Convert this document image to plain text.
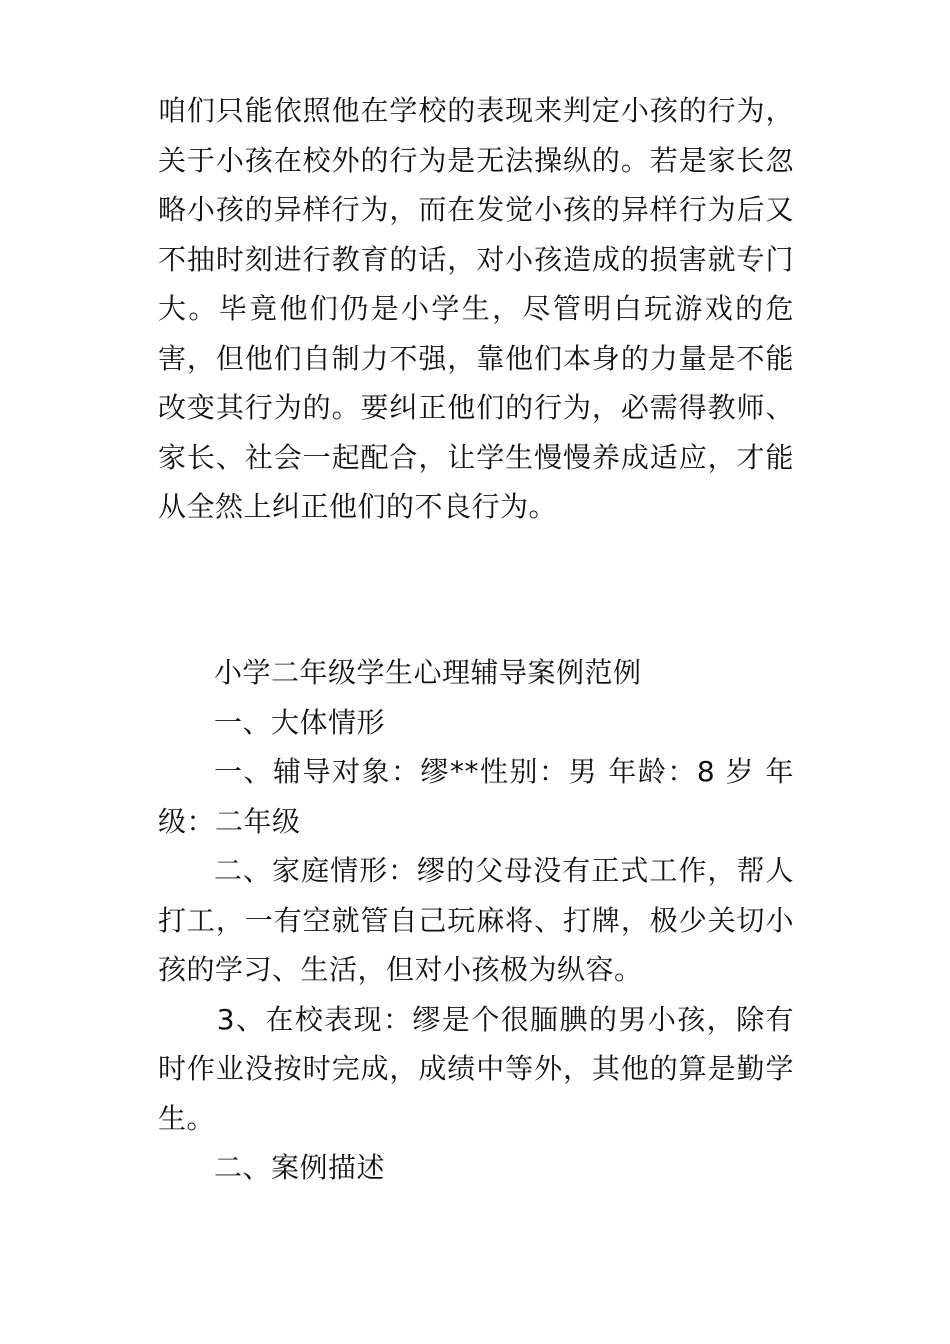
咱们只能依照他在学校的表现来判定小孩的行为，关于小孩在校外的行为是无法操纵的。若是家长忽略小孩的异样行为，而在发觉小孩的异样行为后又不抽时刻进行教育的话，对小孩造成的损害就专门大。毕竟他们仍是小学生，尽管明白玩游戏的危害，但他们自制力不强，靠他们本身的力量是不能改变其行为的。要纠正他们的行为，必需得教师、家长、社会一起配合，让学生慢慢养成适应，才能从全然上纠正他们的不良行为。

小学二年级学生心理辅导案例范例

一、大体情形

一、辅导对象：缪**性别：男 年龄：8 岁 年级：二年级

二、家庭情形：缪的父母没有正式工作，帮人打工，一有空就管自己玩麻将、打牌，极少关切小孩的学习、生活，但对小孩极为纵容。

3、在校表现：缪是个很腼腆的男小孩，除有时作业没按时完成，成绩中等外，其他的算是勤学生。

二、案例描述
